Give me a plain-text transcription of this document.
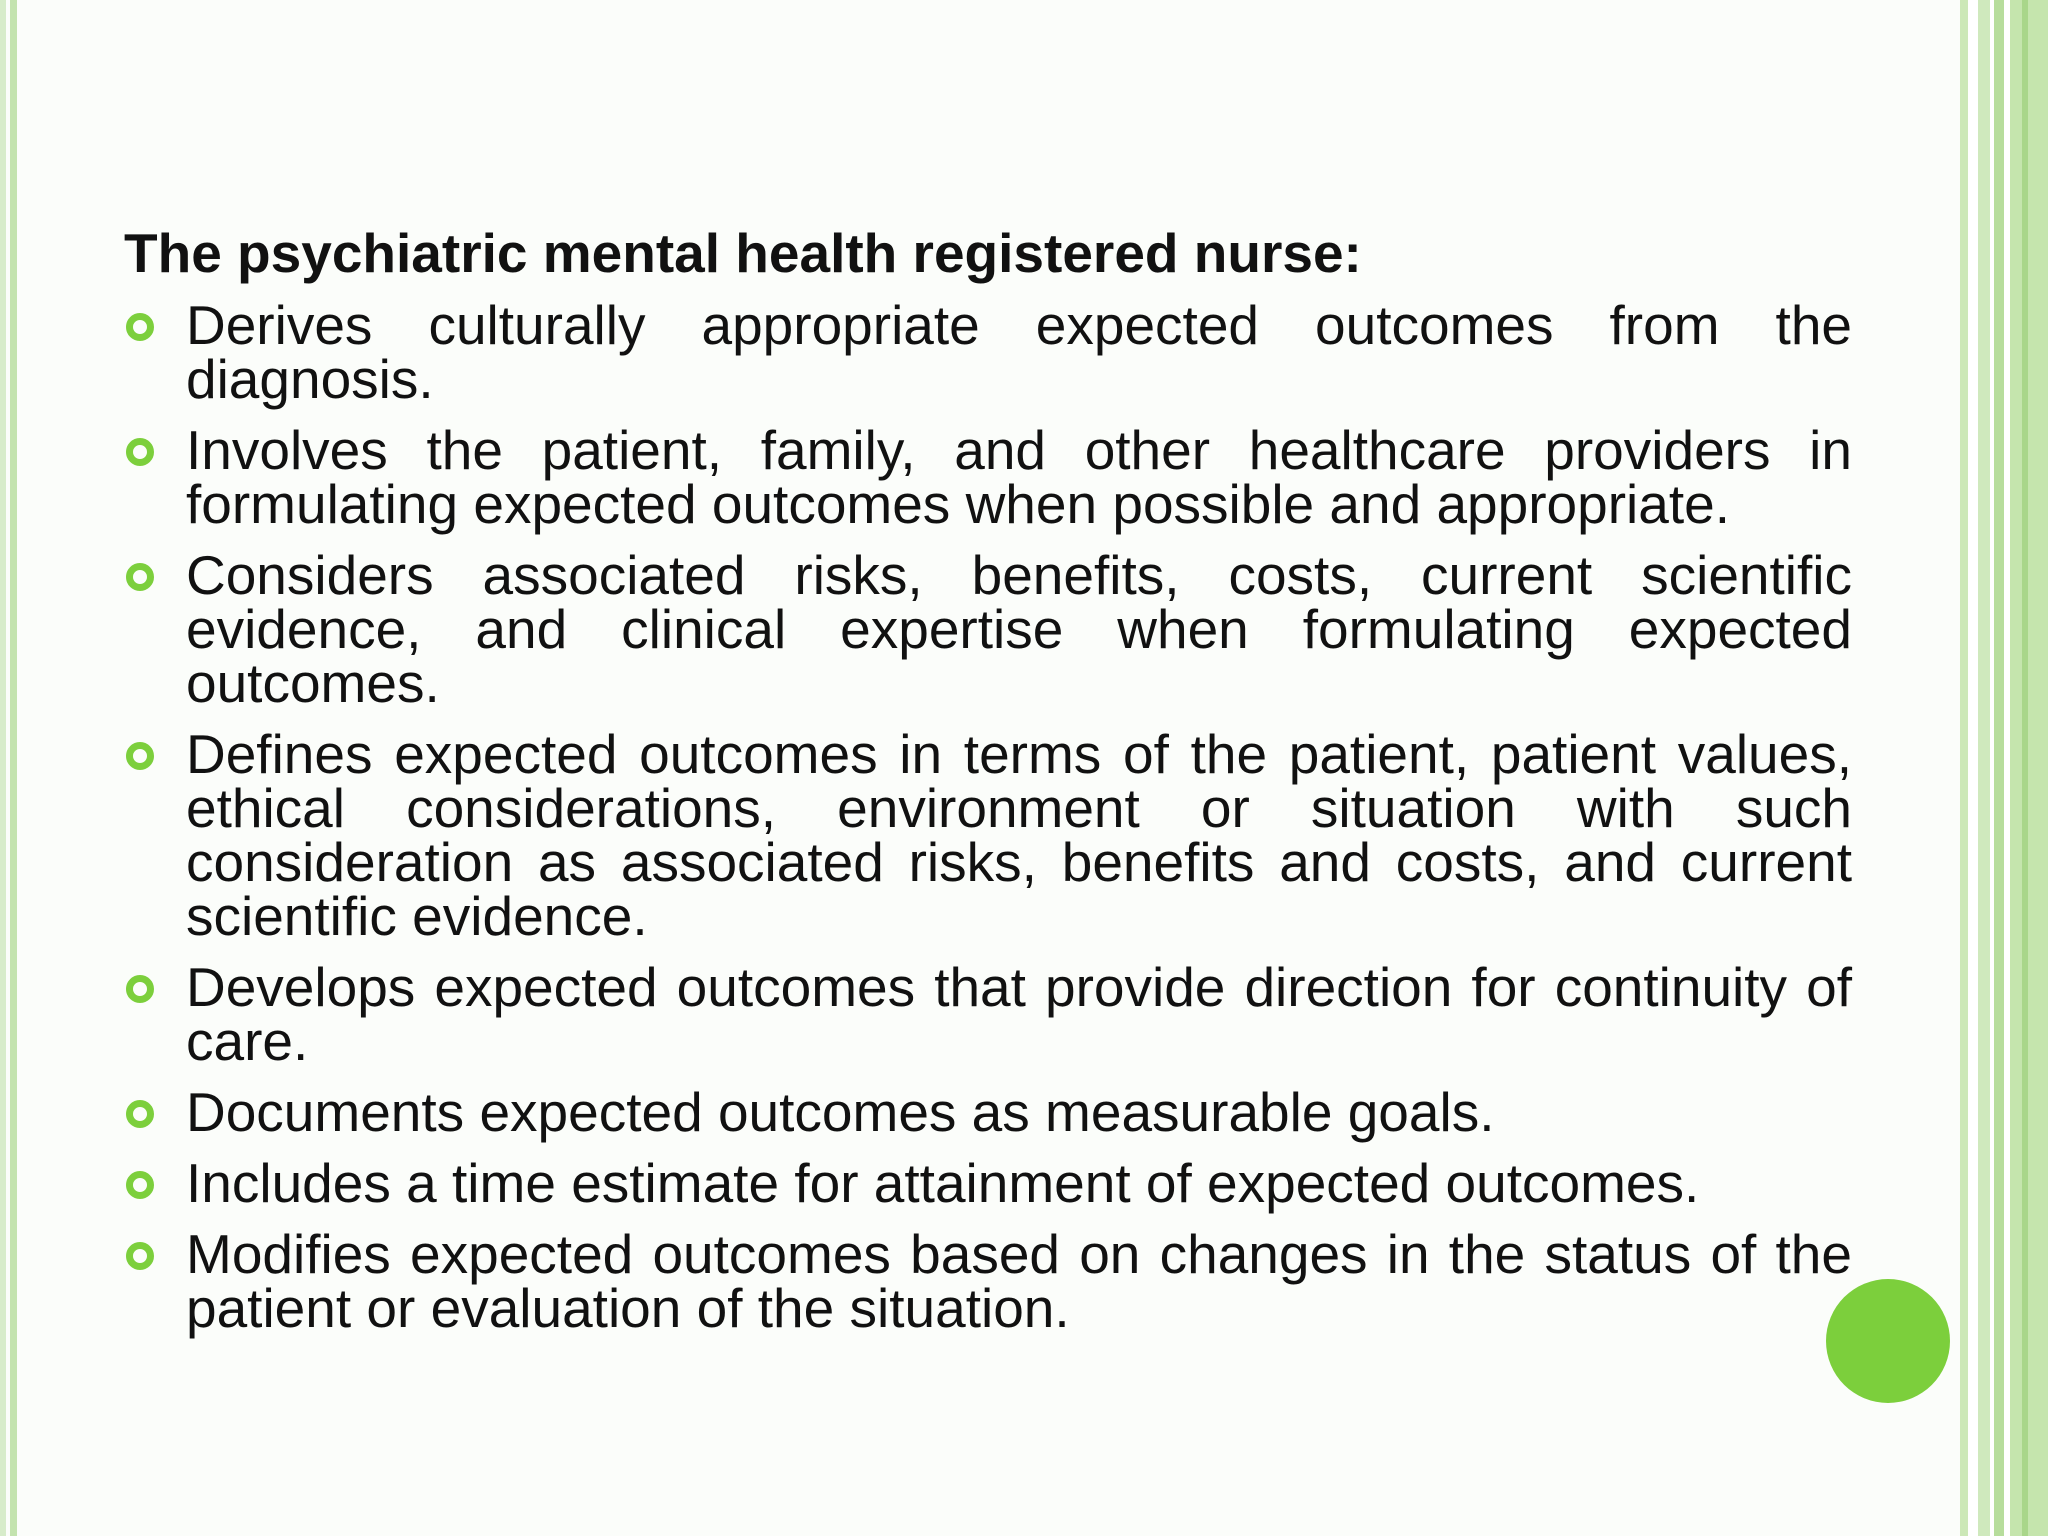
The psychiatric mental health registered nurse:

Derives culturally appropriate expected outcomes from the diagnosis.
Involves the patient, family, and other healthcare providers in formulating expected outcomes when possible and appropriate.
Considers associated risks, benefits, costs, current scientific evidence, and clinical expertise when formulating expected outcomes.
Defines expected outcomes in terms of the patient, patient values, ethical considerations, environment or situation with such consideration as associated risks, benefits and costs, and current scientific evidence.
Develops expected outcomes that provide direction for continuity of care.
Documents expected outcomes as measurable goals.
Includes a time estimate for attainment of expected outcomes.
Modifies expected outcomes based on changes in the status of the patient or evaluation of the situation.
